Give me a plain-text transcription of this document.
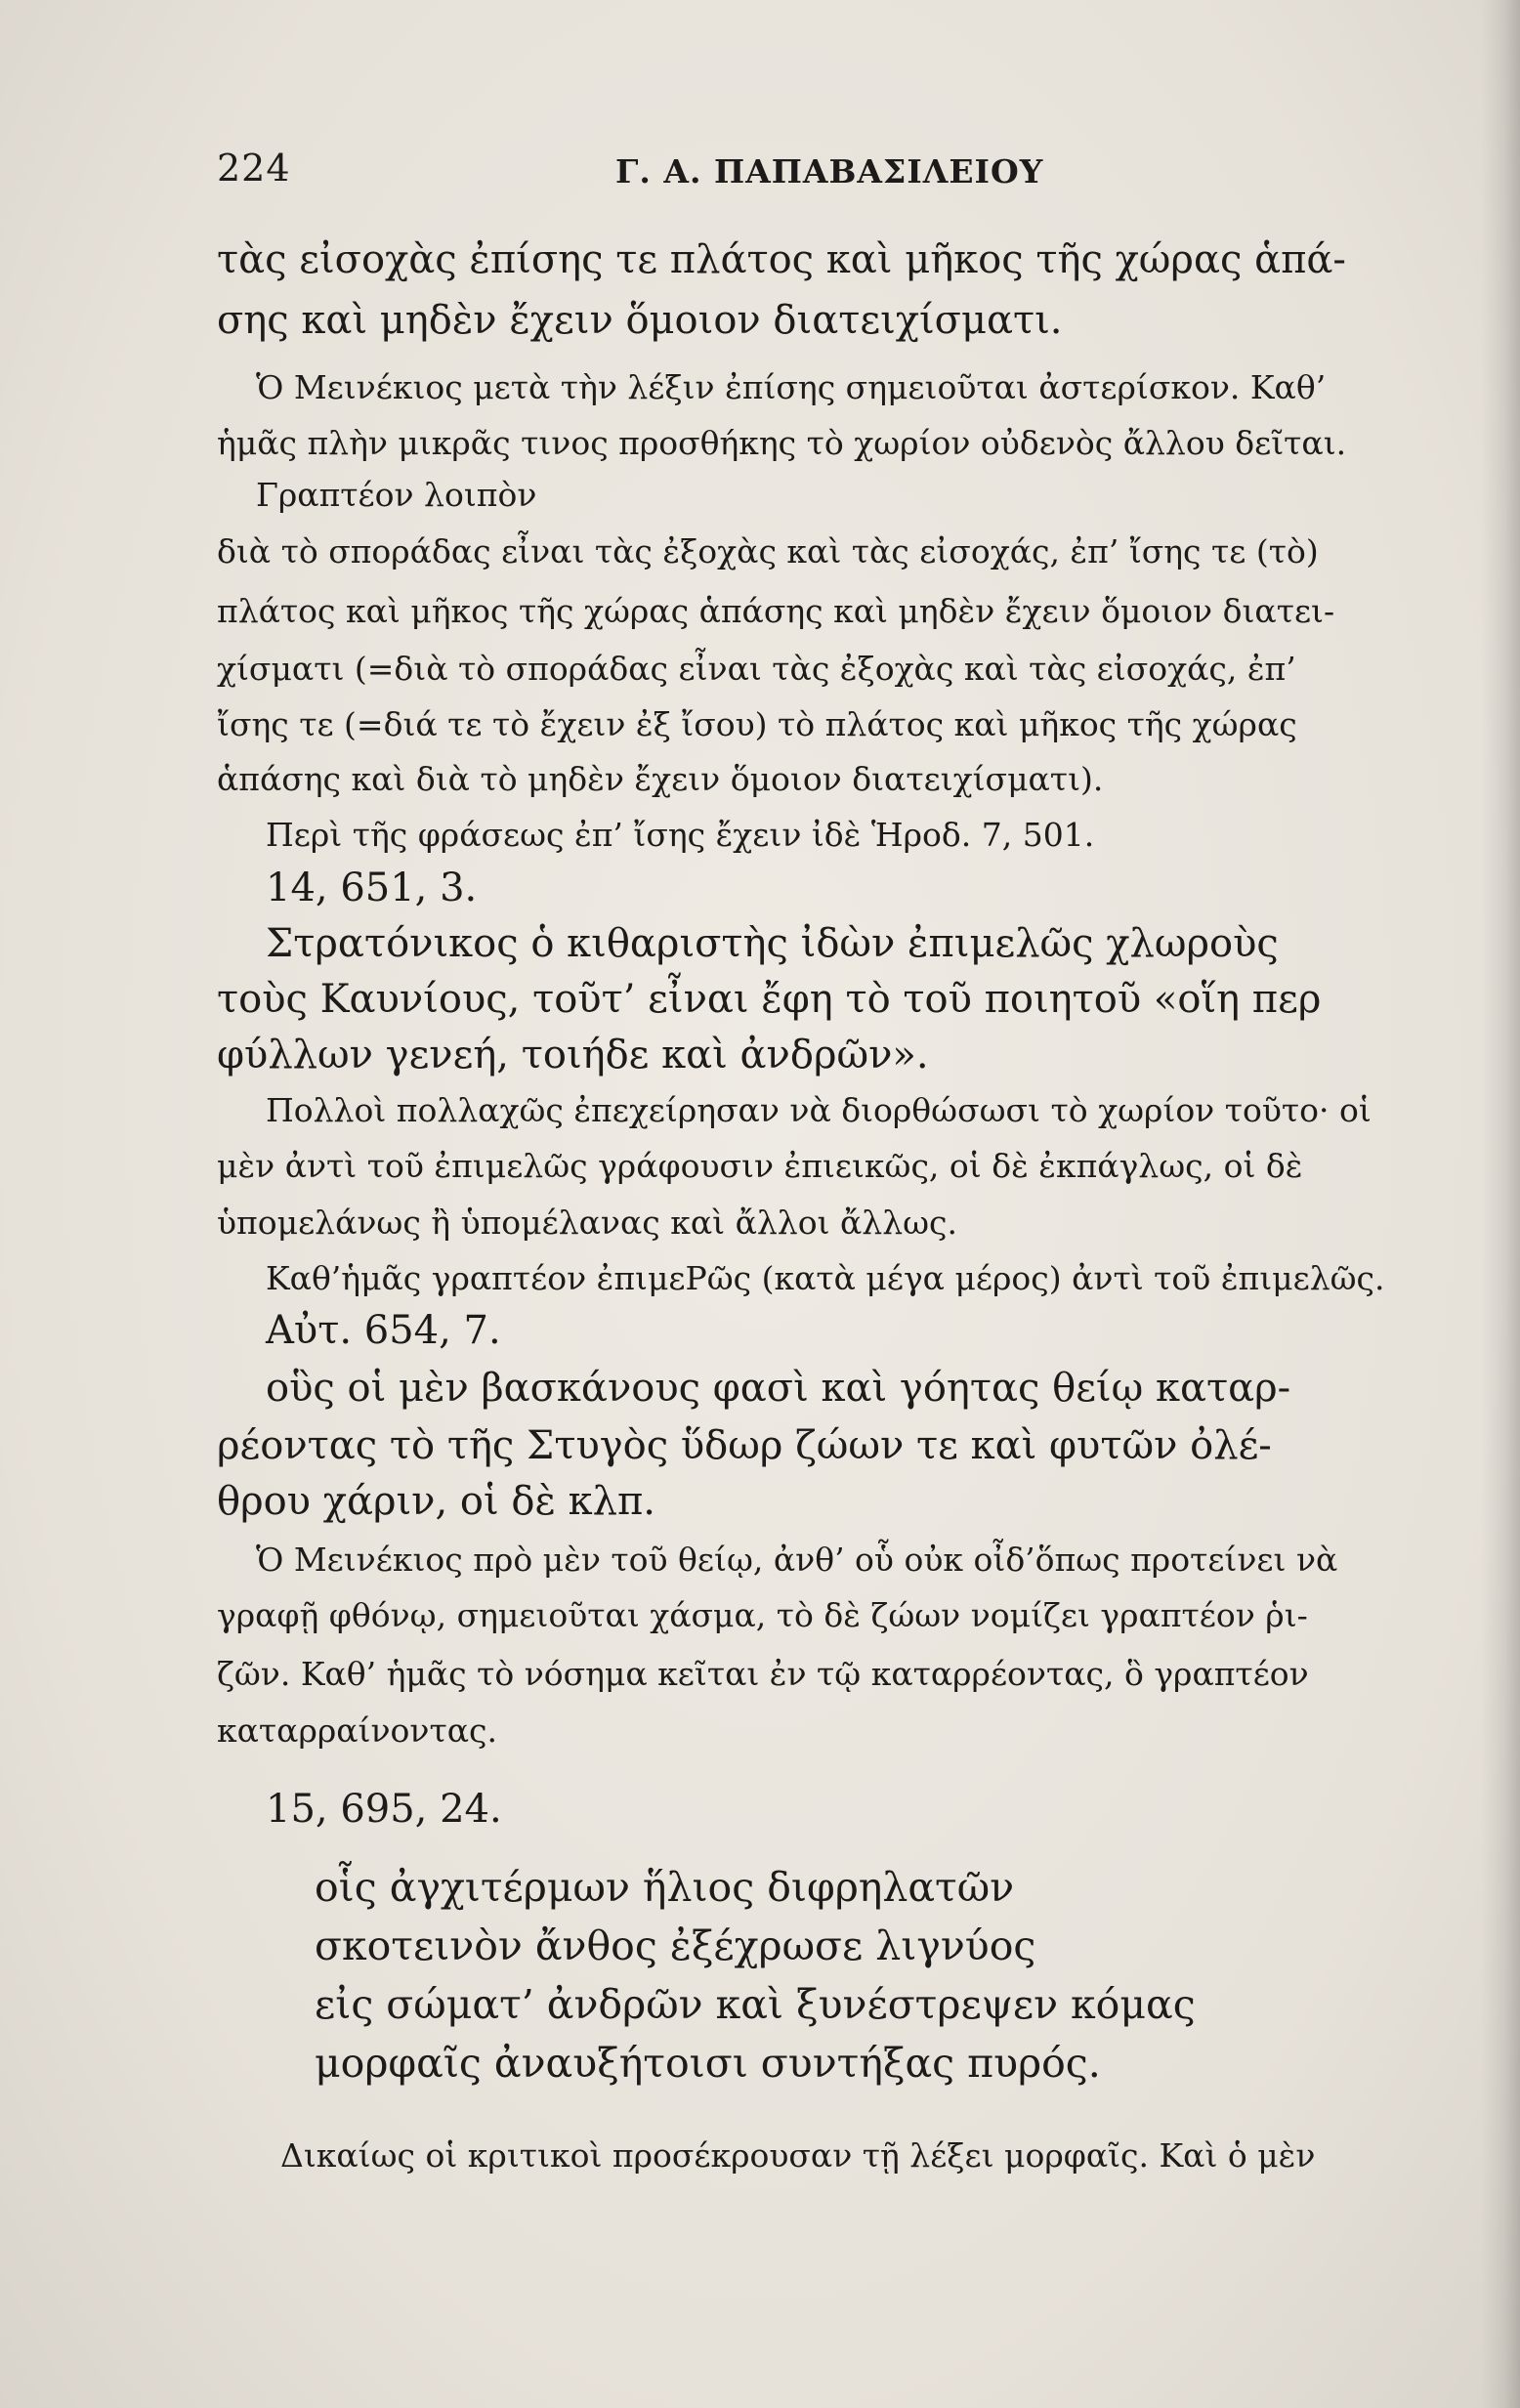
224	Γ. Α. ΠΑΠΑΒΑΣΙΛΕΙΟΥ
τὰς εἰσοχὰς ἐπίσης τε πλάτος καὶ μῆκος τῆς χώρας ἁπά-
σης καὶ μηδὲν ἔχειν ὅμοιον διατειχίσματι.
Ὁ Μεινέκιος μετὰ τὴν λέξιν ἐπίσης σημειοῦται ἀστερίσκον. Καθ’
ἡμᾶς πλὴν μικρᾶς τινος προσθήκης τὸ χωρίον οὐδενὸς ἄλλου δεῖται.
Γραπτέον λοιπὸν
διὰ τὸ σποράδας εἶναι τὰς ἐξοχὰς καὶ τὰς εἰσοχάς, ἐπ’ ἴσης τε (τὸ)
πλάτος καὶ μῆκος τῆς χώρας ἁπάσης καὶ μηδὲν ἔχειν ὅμοιον διατει-
χίσματι (=διὰ τὸ σποράδας εἶναι τὰς ἐξοχὰς καὶ τὰς εἰσοχάς, ἐπ’
ἴσης τε (=διά τε τὸ ἔχειν ἐξ ἴσου) τὸ πλάτος καὶ μῆκος τῆς χώρας
ἁπάσης καὶ διὰ τὸ μηδὲν ἔχειν ὅμοιον διατειχίσματι).
Περὶ τῆς φράσεως ἐπ’ ἴσης ἔχειν ἰδὲ Ἡροδ. 7, 501.
14, 651, 3.
Στρατόνικος ὁ κιθαριστὴς ἰδὼν ἐπιμελῶς χλωροὺς
τοὺς Καυνίους, τοῦτ’ εἶναι ἔφη τὸ τοῦ ποιητοῦ «οἵη περ
φύλλων γενεή, τοιήδε καὶ ἀνδρῶν».
Πολλοὶ πολλαχῶς ἐπεχείρησαν νὰ διορθώσωσι τὸ χωρίον τοῦτο· οἱ
μὲν ἀντὶ τοῦ ἐπιμελῶς γράφουσιν ἐπιεικῶς, οἱ δὲ ἐκπάγλως, οἱ δὲ
ὑπομελάνως ἢ ὑπομέλανας καὶ ἄλλοι ἄλλως.
Καθ’ἡμᾶς γραπτέον ἐπιμεΡῶς (κατὰ μέγα μέρος) ἀντὶ τοῦ ἐπιμελῶς.
Αὐτ. 654, 7.
οὓς οἱ μὲν βασκάνους φασὶ καὶ γόητας θείῳ καταρ-
ρέοντας τὸ τῆς Στυγὸς ὕδωρ ζώων τε καὶ φυτῶν ὀλέ-
θρου χάριν, οἱ δὲ κλπ.
Ὁ Μεινέκιος πρὸ μὲν τοῦ θείῳ, ἀνθ’ οὗ οὐκ οἶδ’ὅπως προτείνει νὰ
γραφῇ φθόνῳ, σημειοῦται χάσμα, τὸ δὲ ζώων νομίζει γραπτέον ῥι-
ζῶν. Καθ’ ἡμᾶς τὸ νόσημα κεῖται ἐν τῷ καταρρέοντας, ὃ γραπτέον
καταρραίνοντας.
15, 695, 24.
οἷς ἀγχιτέρμων ἥλιος διφρηλατῶν
σκοτεινὸν ἄνθος ἐξέχρωσε λιγνύος
εἰς σώματ’ ἀνδρῶν καὶ ξυνέστρεψεν κόμας
μορφαῖς ἀναυξήτοισι συντήξας πυρός.
Δικαίως οἱ κριτικοὶ προσέκρουσαν τῇ λέξει μορφαῖς. Καὶ ὁ μὲν
